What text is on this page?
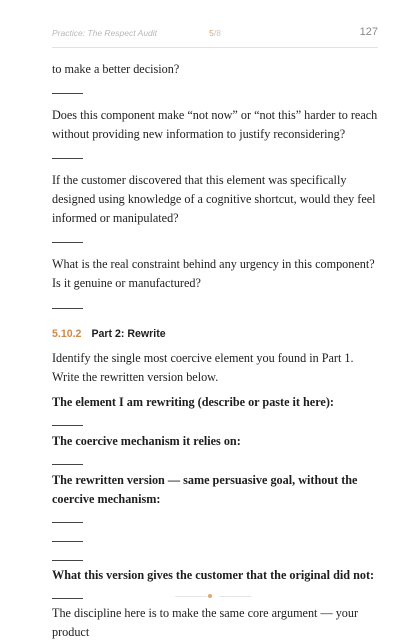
Practice: The Respect Audit	5/8	127

to make a better decision?

Does this component make “not now” or “not this” harder to reach without providing new information to justify reconsidering?

If the customer discovered that this element was specifically designed using knowledge of a cognitive shortcut, would they feel informed or manipulated?

What is the real constraint behind any urgency in this component? Is it genuine or manufactured?

5.10.2 Part 2: Rewrite

Identify the single most coercive element you found in Part 1. Write the rewritten version below.

The element I am rewriting (describe or paste it here):

The coercive mechanism it relies on:

The rewritten version — same persuasive goal, without the coercive mechanism:

What this version gives the customer that the original did not:

The discipline here is to make the same core argument — your product
